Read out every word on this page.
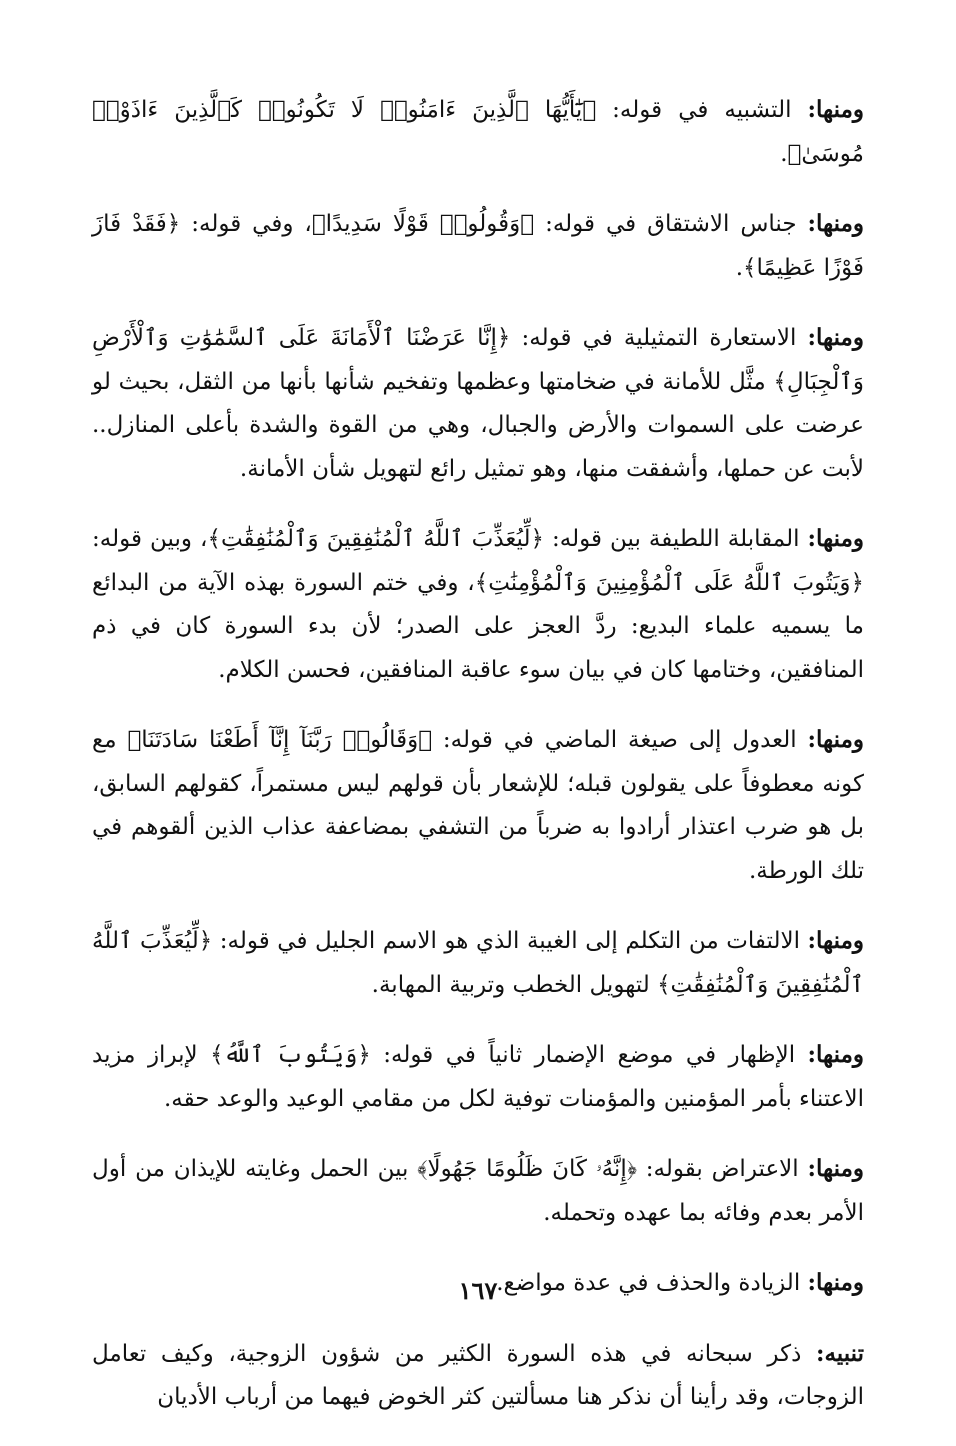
ومنها: التشبيه في قوله: ﴿يَٰٓأَيُّهَا ٱلَّذِينَ ءَامَنُوا۟ لَا تَكُونُوا۟ كَٱلَّذِينَ ءَاذَوْا۟ مُوسَىٰ﴾.

ومنها: جناس الاشتقاق في قوله: ﴿وَقُولُوا۟ قَوْلًا سَدِيدًا﴾، وفي قوله: ﴿فَقَدْ فَازَ فَوْزًا عَظِيمًا﴾.

ومنها: الاستعارة التمثيلية في قوله: ﴿إِنَّا عَرَضْنَا ٱلْأَمَانَةَ عَلَى ٱلسَّمَٰوَٰتِ وَٱلْأَرْضِ وَٱلْجِبَالِ﴾ مثَّل للأمانة في ضخامتها وعظمها وتفخيم شأنها بأنها من الثقل، بحيث لو عرضت على السموات والأرض والجبال، وهي من القوة والشدة بأعلى المنازل.. لأبت عن حملها، وأشفقت منها، وهو تمثيل رائع لتهويل شأن الأمانة.

ومنها: المقابلة اللطيفة بين قوله: ﴿لِّيُعَذِّبَ ٱللَّهُ ٱلْمُنَٰفِقِينَ وَٱلْمُنَٰفِقَٰتِ﴾، وبين قوله: ﴿وَيَتُوبَ ٱللَّهُ عَلَى ٱلْمُؤْمِنِينَ وَٱلْمُؤْمِنَٰتِ﴾، وفي ختم السورة بهذه الآية من البدائع ما يسميه علماء البديع: ردَّ العجز على الصدر؛ لأن بدء السورة كان في ذم المنافقين، وختامها كان في بيان سوء عاقبة المنافقين، فحسن الكلام.

ومنها: العدول إلى صيغة الماضي في قوله: ﴿وَقَالُوا۟ رَبَّنَآ إِنَّآ أَطَعْنَا سَادَتَنَا﴾ مع كونه معطوفاً على يقولون قبله؛ للإشعار بأن قولهم ليس مستمراً، كقولهم السابق، بل هو ضرب اعتذار أرادوا به ضرباً من التشفي بمضاعفة عذاب الذين ألقوهم في تلك الورطة.

ومنها: الالتفات من التكلم إلى الغيبة الذي هو الاسم الجليل في قوله: ﴿لِّيُعَذِّبَ ٱللَّهُ ٱلْمُنَٰفِقِينَ وَٱلْمُنَٰفِقَٰتِ﴾ لتهويل الخطب وتربية المهابة.

ومنها: الإظهار في موضع الإضمار ثانياً في قوله: ﴿وَيَتُوبَ ٱللَّهُ﴾ لإبراز مزيد الاعتناء بأمر المؤمنين والمؤمنات توفية لكل من مقامي الوعيد والوعد حقه.

ومنها: الاعتراض بقوله: ﴿إِنَّهُۥ كَانَ ظَلُومًا جَهُولًا﴾ بين الحمل وغايته للإيذان من أول الأمر بعدم وفائه بما عهده وتحمله.

ومنها: الزيادة والحذف في عدة مواضع.

تنبيه: ذكر سبحانه في هذه السورة الكثير من شؤون الزوجية، وكيف تعامل الزوجات، وقد رأينا أن نذكر هنا مسألتين كثر الخوض فيهما من أرباب الأديان

١٦٧
